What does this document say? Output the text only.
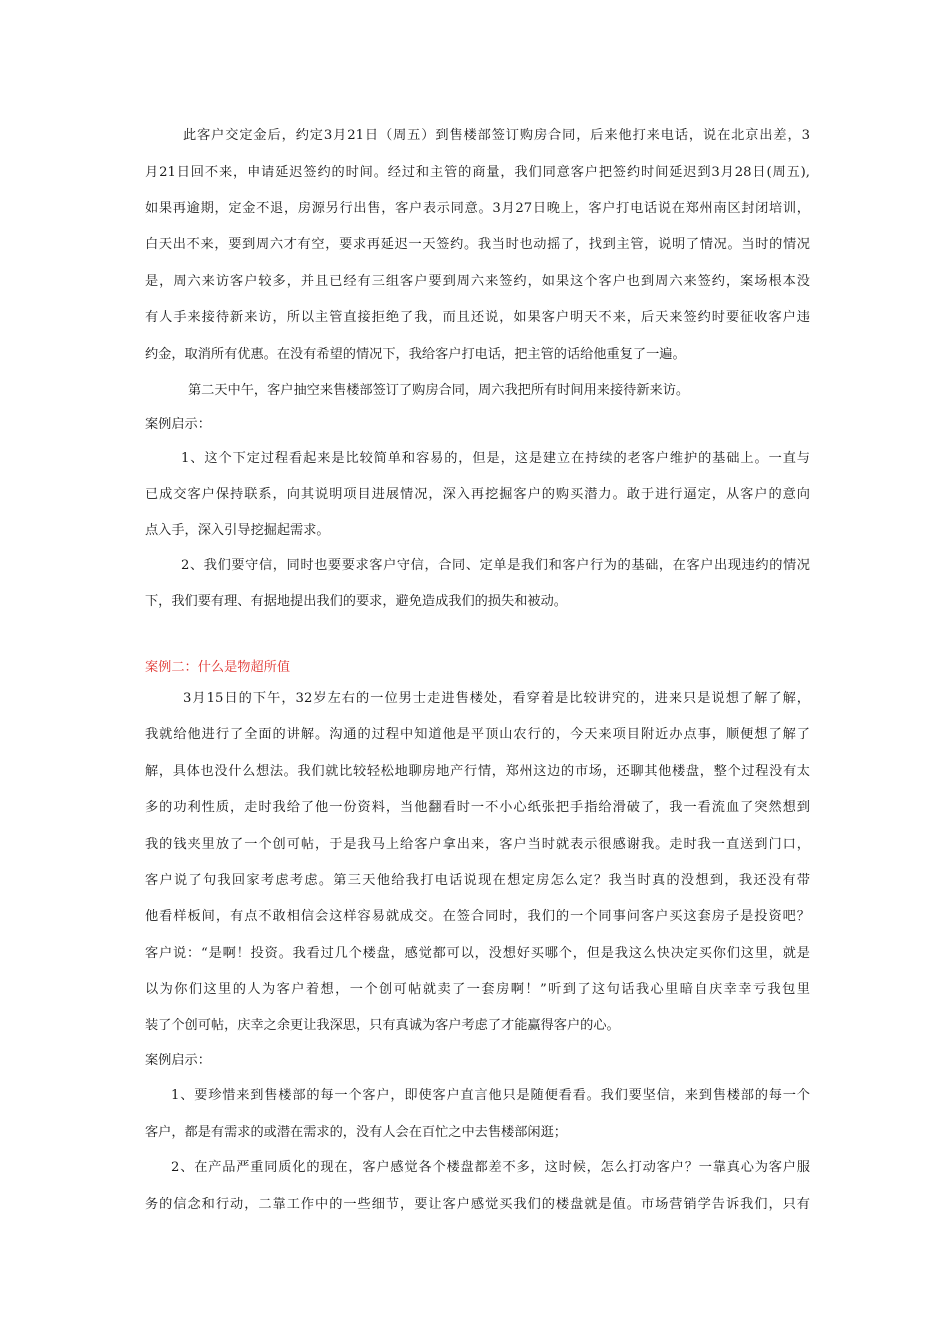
此客户交定金后，约定3月21日（周五）到售楼部签订购房合同，后来他打来电话，说在北京出差，3
月21日回不来，申请延迟签约的时间。经过和主管的商量，我们同意客户把签约时间延迟到3月28日(周五),
如果再逾期，定金不退，房源另行出售，客户表示同意。3月27日晚上，客户打电话说在郑州南区封闭培训，
白天出不来，要到周六才有空，要求再延迟一天签约。我当时也动摇了，找到主管，说明了情况。当时的情况
是，周六来访客户较多，并且已经有三组客户要到周六来签约，如果这个客户也到周六来签约，案场根本没
有人手来接待新来访，所以主管直接拒绝了我，而且还说，如果客户明天不来，后天来签约时要征收客户违
约金，取消所有优惠。在没有希望的情况下，我给客户打电话，把主管的话给他重复了一遍。
第二天中午，客户抽空来售楼部签订了购房合同，周六我把所有时间用来接待新来访。
案例启示：
1、这个下定过程看起来是比较简单和容易的，但是，这是建立在持续的老客户维护的基础上。一直与
已成交客户保持联系，向其说明项目进展情况，深入再挖掘客户的购买潜力。敢于进行逼定，从客户的意向
点入手，深入引导挖掘起需求。
2、我们要守信，同时也要要求客户守信，合同、定单是我们和客户行为的基础，在客户出现违约的情况
下，我们要有理、有据地提出我们的要求，避免造成我们的损失和被动。
案例二：什么是物超所值
3月15日的下午，32岁左右的一位男士走进售楼处，看穿着是比较讲究的，进来只是说想了解了解，
我就给他进行了全面的讲解。沟通的过程中知道他是平顶山农行的，今天来项目附近办点事，顺便想了解了
解，具体也没什么想法。我们就比较轻松地聊房地产行情，郑州这边的市场，还聊其他楼盘，整个过程没有太
多的功利性质，走时我给了他一份资料，当他翻看时一不小心纸张把手指给滑破了，我一看流血了突然想到
我的钱夹里放了一个创可帖，于是我马上给客户拿出来，客户当时就表示很感谢我。走时我一直送到门口，
客户说了句我回家考虑考虑。第三天他给我打电话说现在想定房怎么定？我当时真的没想到，我还没有带
他看样板间，有点不敢相信会这样容易就成交。在签合同时，我们的一个同事问客户买这套房子是投资吧？
客户说：“是啊！投资。我看过几个楼盘，感觉都可以，没想好买哪个，但是我这么快决定买你们这里，就是
以为你们这里的人为客户着想，一个创可帖就卖了一套房啊！”听到了这句话我心里暗自庆幸幸亏我包里
装了个创可帖，庆幸之余更让我深思，只有真诚为客户考虑了才能赢得客户的心。
案例启示：
1、要珍惜来到售楼部的每一个客户，即使客户直言他只是随便看看。我们要坚信，来到售楼部的每一个
客户，都是有需求的或潜在需求的，没有人会在百忙之中去售楼部闲逛；
2、在产品严重同质化的现在，客户感觉各个楼盘都差不多，这时候，怎么打动客户？一靠真心为客户服
务的信念和行动，二靠工作中的一些细节，要让客户感觉买我们的楼盘就是值。市场营销学告诉我们，只有
